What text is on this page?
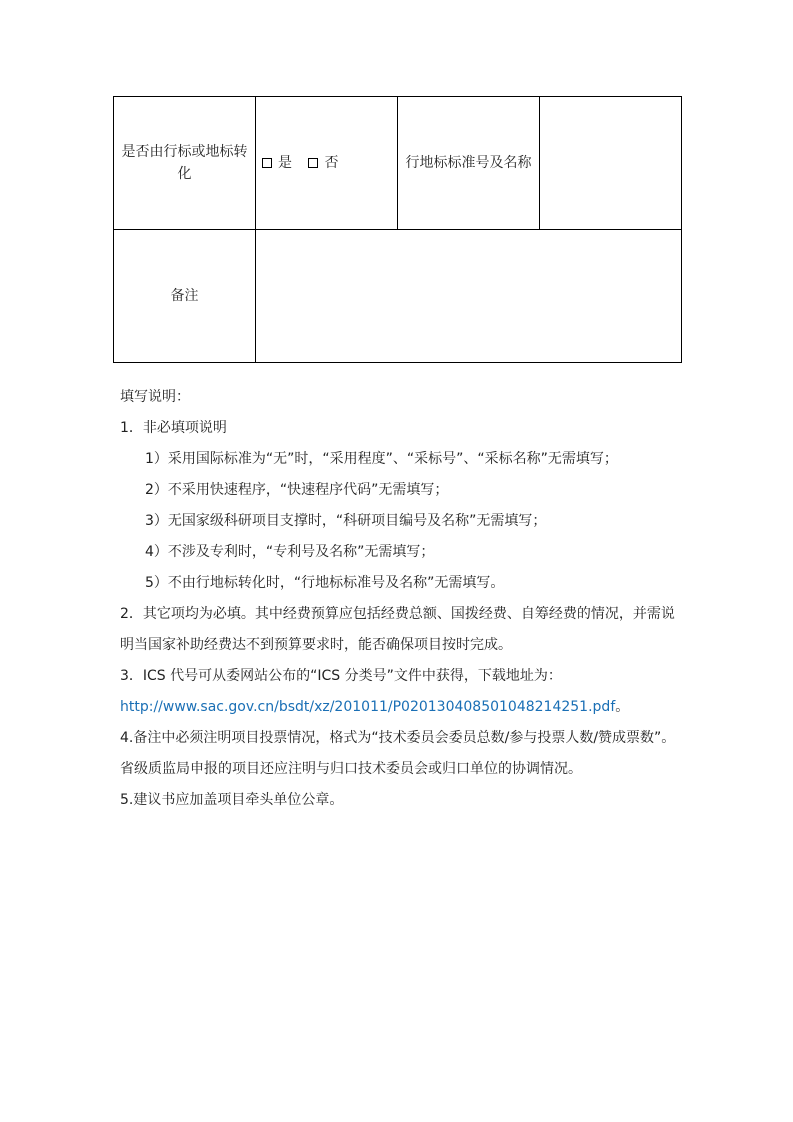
是否由行标或地标转化	是 否	行地标标准号及名称	
备注			
填写说明：
1．非必填项说明
1）采用国际标准为“无”时，“采用程度”、“采标号”、“采标名称”无需填写；
2）不采用快速程序，“快速程序代码”无需填写；
3）无国家级科研项目支撑时，“科研项目编号及名称”无需填写；
4）不涉及专利时，“专利号及名称”无需填写；
5）不由行地标转化时，“行地标标准号及名称”无需填写。
2．其它项均为必填。其中经费预算应包括经费总额、国拨经费、自筹经费的情况，并需说
明当国家补助经费达不到预算要求时，能否确保项目按时完成。
3．ICS 代号可从委网站公布的“ICS 分类号”文件中获得，下载地址为：
http://www.sac.gov.cn/bsdt/xz/201011/P020130408501048214251.pdf。
4.备注中必须注明项目投票情况，格式为“技术委员会委员总数/参与投票人数/赞成票数”。
省级质监局申报的项目还应注明与归口技术委员会或归口单位的协调情况。
5.建议书应加盖项目牵头单位公章。
